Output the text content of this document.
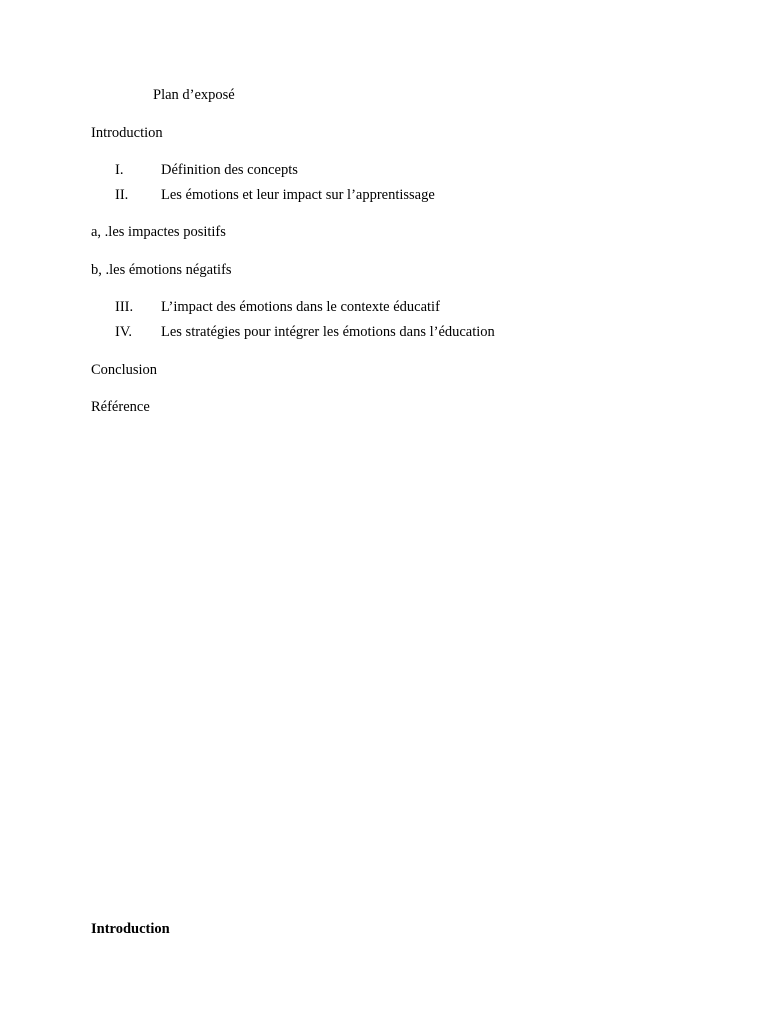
Plan d’exposé
Introduction
I.	Définition des concepts
II. Les émotions et leur impact sur l’apprentissage
a, .les impactes positifs
b, .les émotions négatifs
III. L’impact des émotions dans le contexte éducatif
IV. Les stratégies pour intégrer les émotions dans l’éducation
Conclusion
Référence
Introduction
